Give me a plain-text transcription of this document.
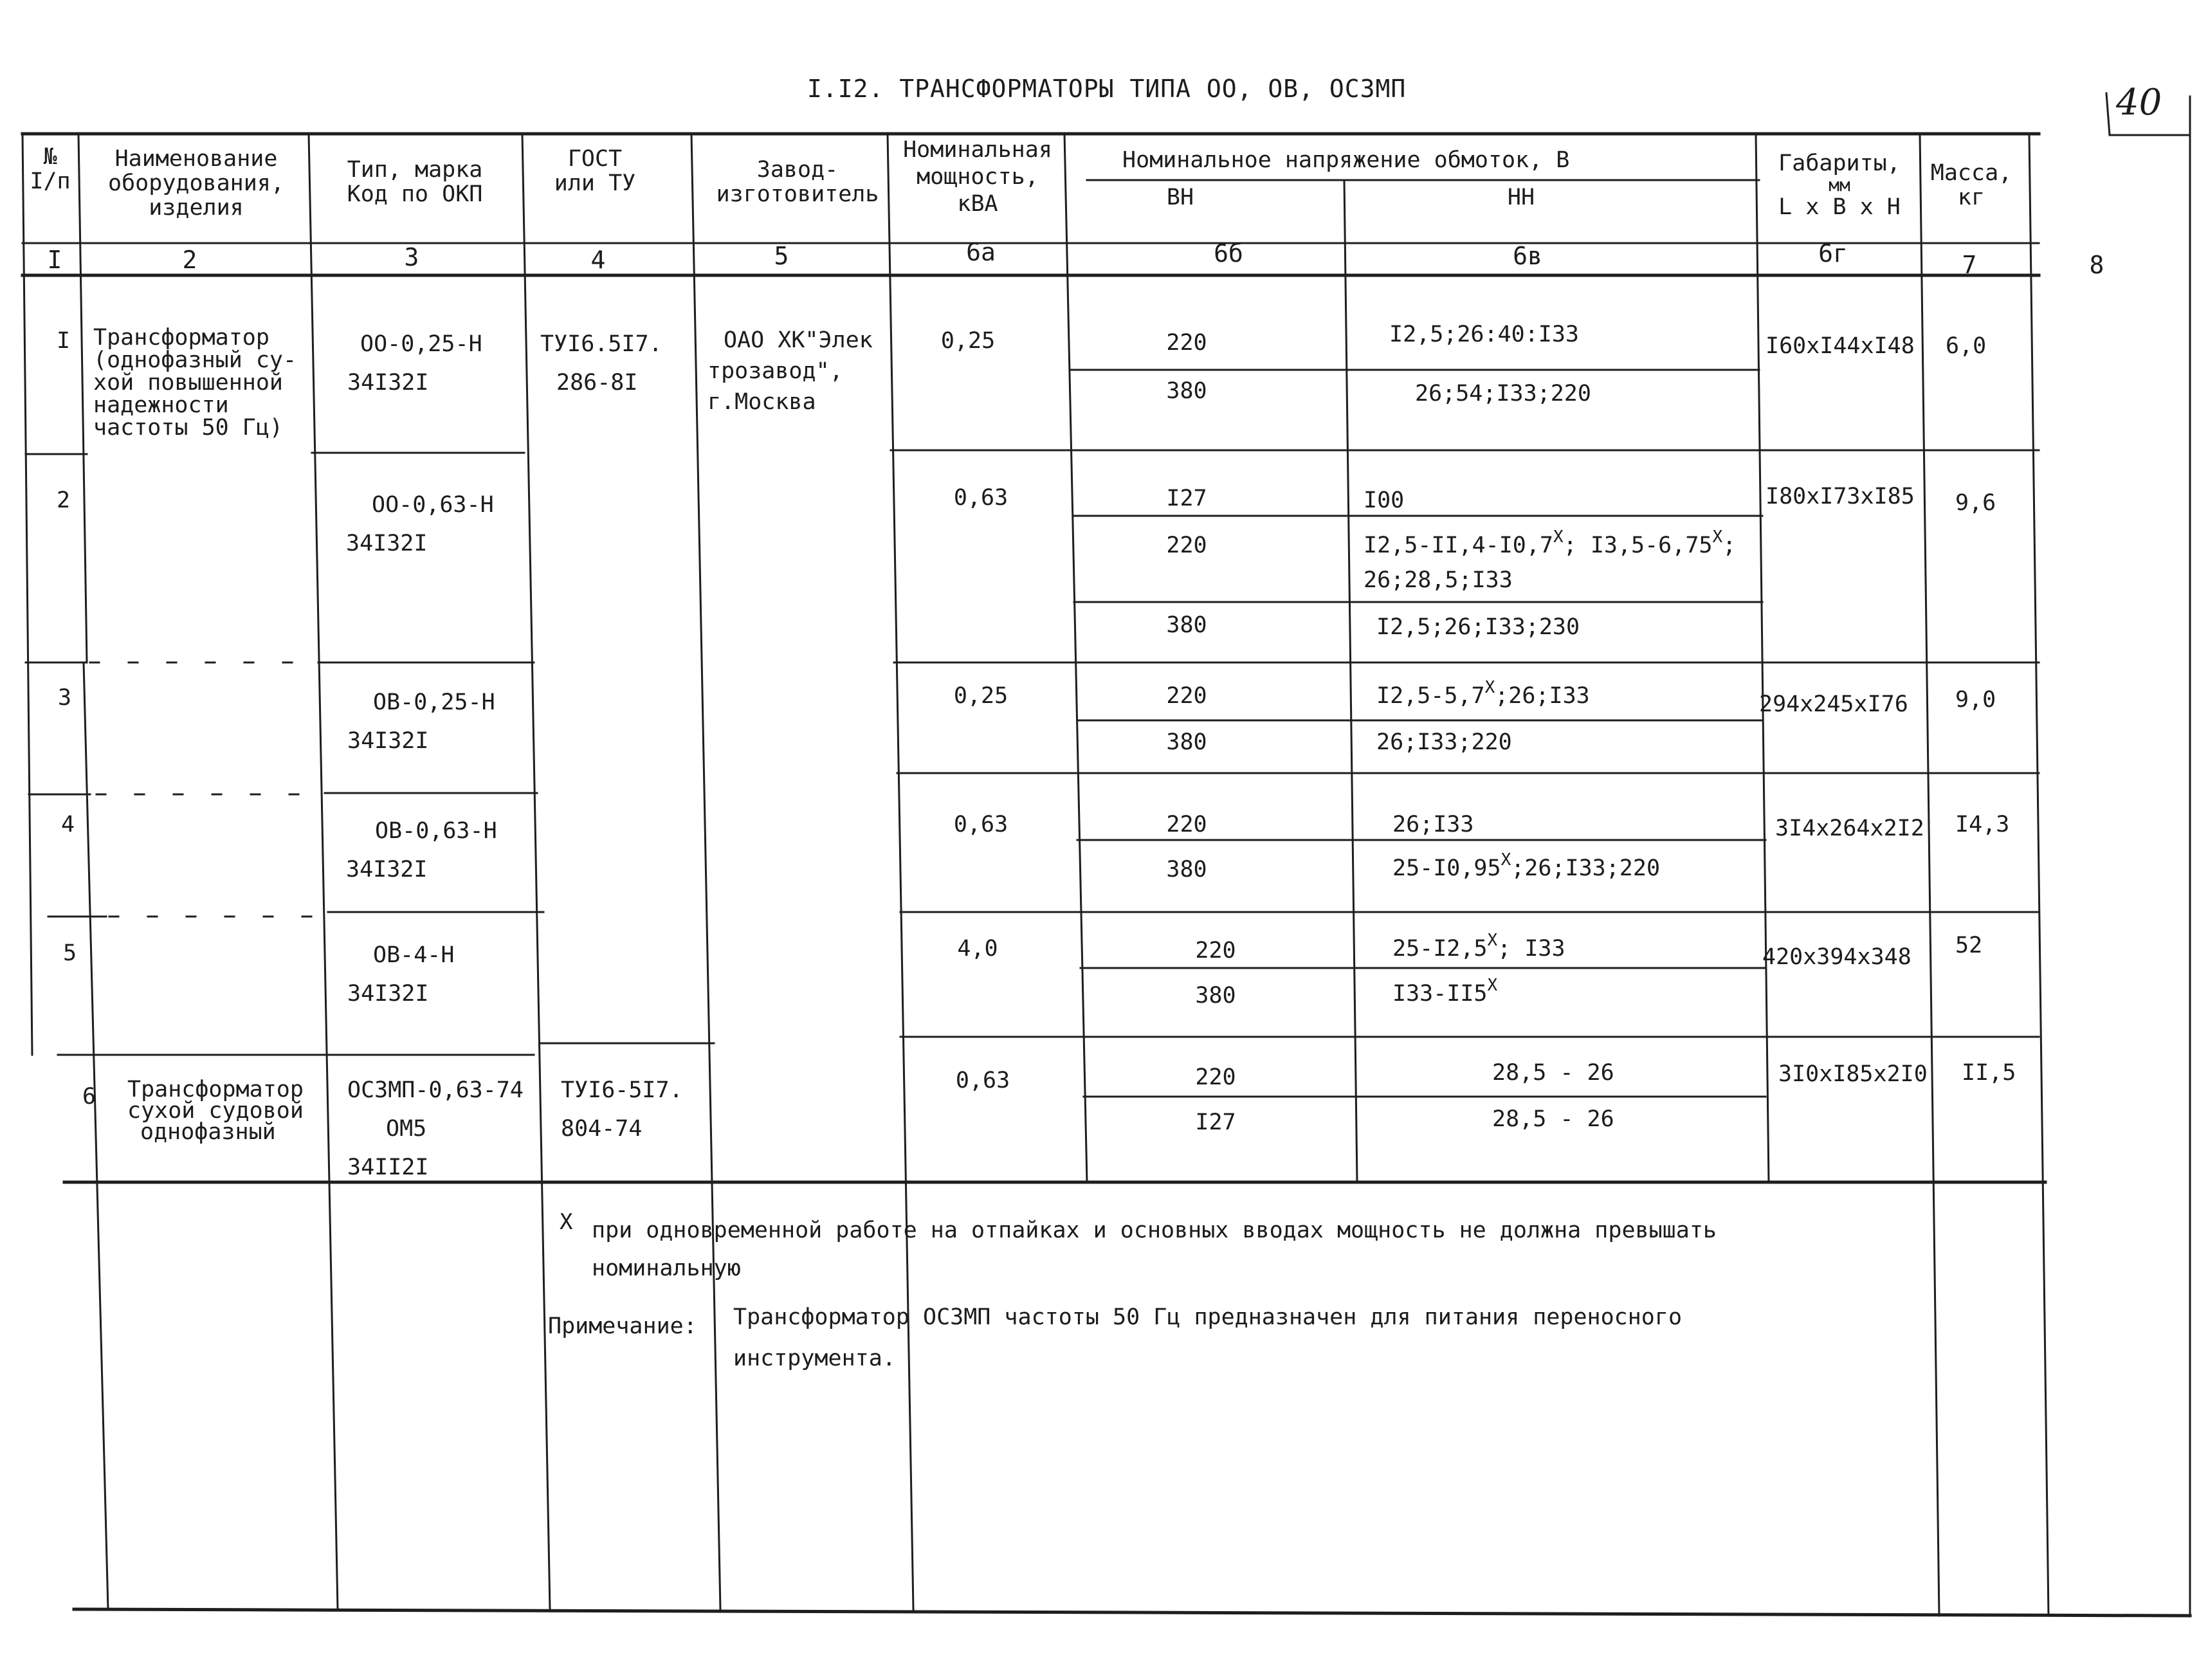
I.I2. ТРАНСФОРМАТОРЫ ТИПА ОО, ОВ, ОСЗМП	40
№
I/п
Наименование
оборудования,
изделия
Тип, марка
Код по ОКП
ГОСТ
или ТУ
Завод-
изготовитель
Номинальная
мощность,
кВА
Номинальное напряжение обмоток, В
ВН	НН
Габариты,
мм
L x B x H
Масса,
кг
I	2	3	4	5	6а	6б	6в	6г	7	8
I Трансформатор
(однофазный су-
хой повышенной
надежности
частоты 50 Гц)
ОО-0,25-Н
34I32I
ТУI6.5I7.
286-8I
ОАО ХК"Элек
трозавод",
г.Москва
0,25	220	I2,5;26:40:I33
380	26;54;I33;220
I60xI44xI48 6,0
2	ОО-0,63-Н
34I32I
0,63	I27	I00
220	$I2,5-II,4-I0,7^X$; $I3,5-6,75^X$;
26;28,5;I33
380	I2,5;26;I33;230
I80xI73xI85 9,6
3	ОВ-0,25-Н
34I32I
0,25	220	$I2,5-5,7^X;26;I33$
380	26;I33;220
294x245xI76 9,0
4	ОВ-0,63-Н
34I32I
0,63	220	26;I33
380	$25-I0,95^X;26;I33;220$
3I4x264x2I2 I4,3
5	ОВ-4-Н
34I32I
4,0	220	$25-I2,5^X$; I33
380	$I33-II5^X$
420x394x348 52
6 Трансформатор
сухой судовой
однофазный
ОСЗМП-0,63-74
ОМ5
34II2I
ТУI6-5I7.
804-74
0,63	220	28,5 - 26
I27	28,5 - 26
3I0xI85x2I0 II,5
X при одновременной работе на отпайках и основных вводах мощность не должна превышать
номинальную
Примечание: Трансформатор ОСЗМП частоты 50 Гц предназначен для питания переносного
инструмента.
